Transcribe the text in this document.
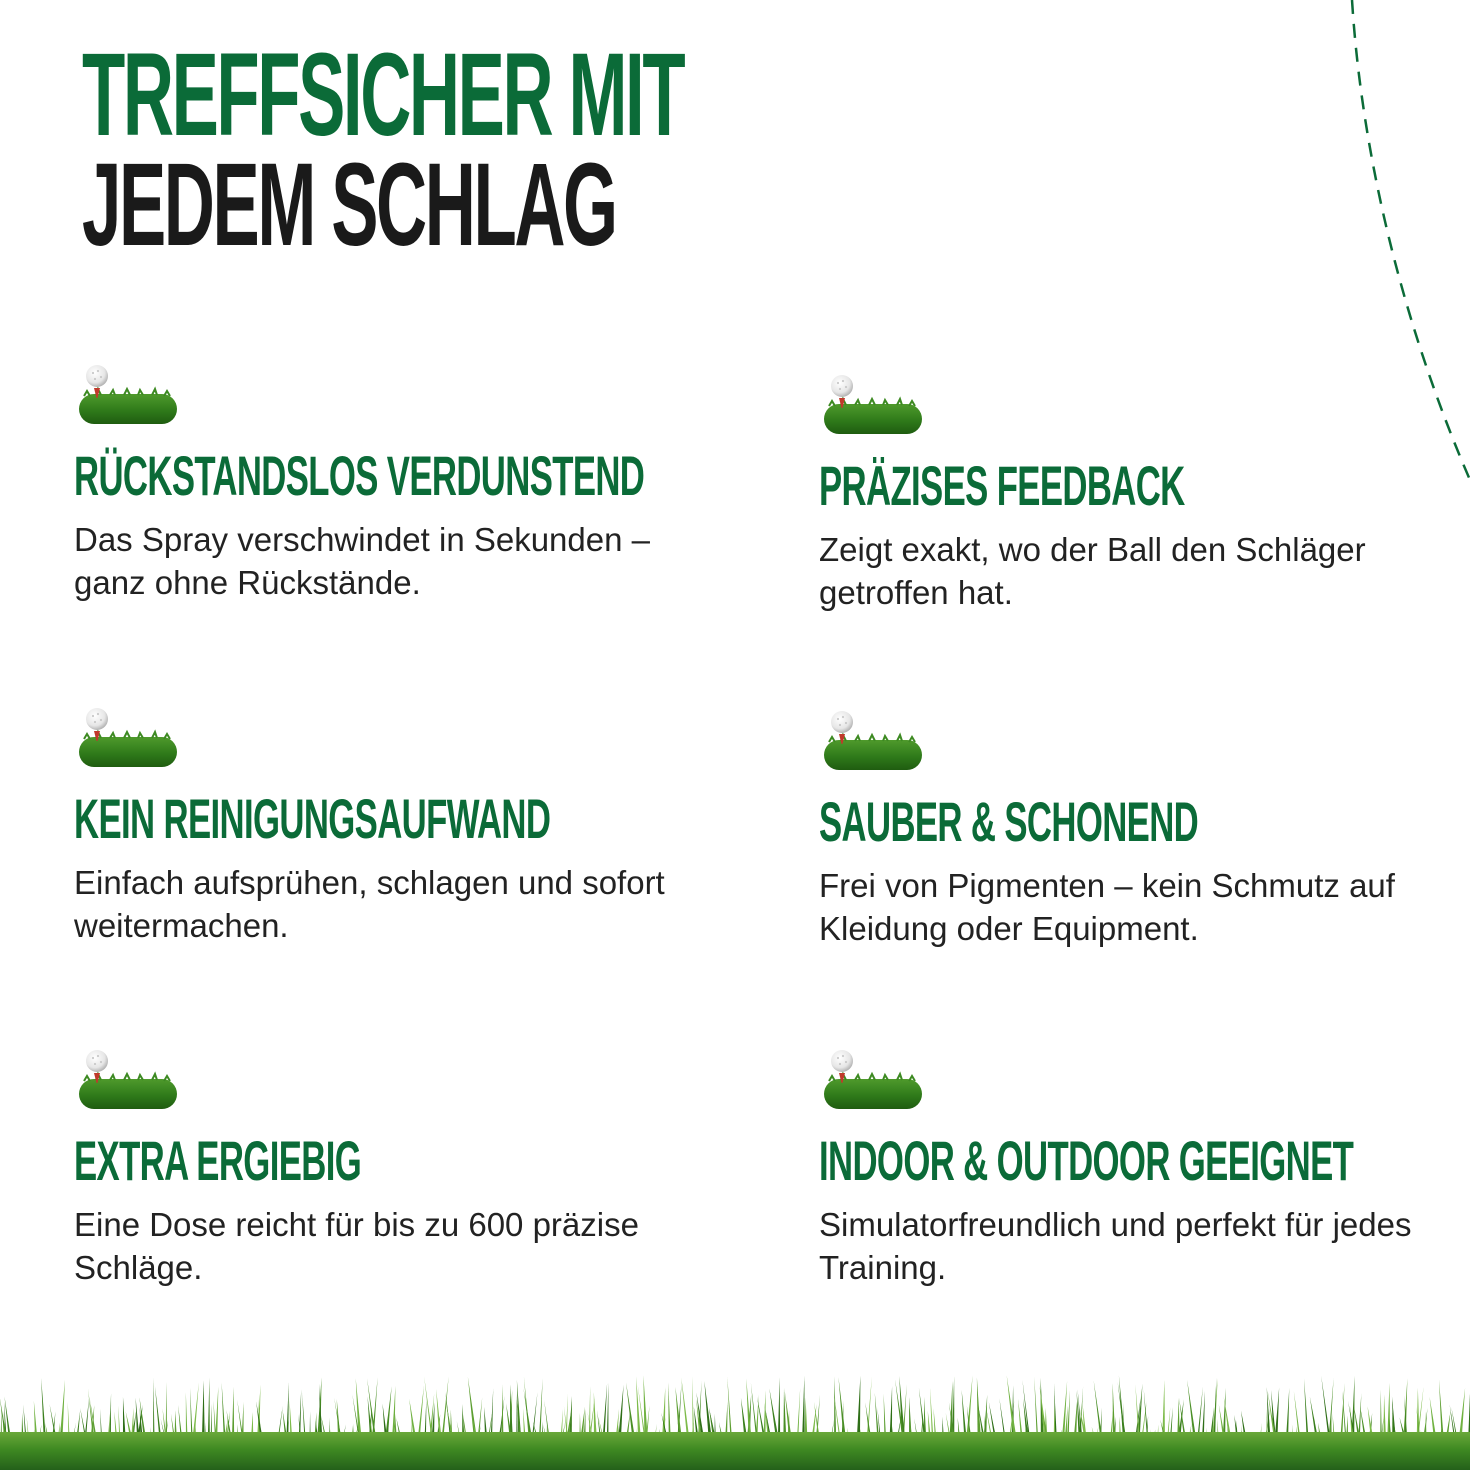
TREFFSICHER MIT
JEDEM SCHLAG
RÜCKSTANDSLOS VERDUNSTEND

Das Spray verschwindet in Sekunden – ganz ohne Rückstände.

PRÄZISES FEEDBACK

Zeigt exakt, wo der Ball den Schläger getroffen hat.

KEIN REINIGUNGSAUFWAND

Einfach aufsprühen, schlagen und sofort weitermachen.

SAUBER & SCHONEND

Frei von Pigmenten – kein Schmutz auf Kleidung oder Equipment.

EXTRA ERGIEBIG

Eine Dose reicht für bis zu 600 präzise Schläge.

INDOOR & OUTDOOR GEEIGNET

Simulatorfreundlich und perfekt für jedes Training.
